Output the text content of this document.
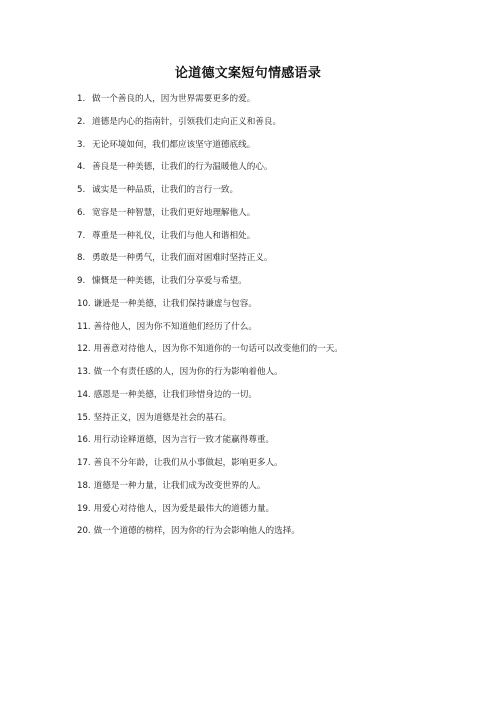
论道德文案短句情感语录
1. 做一个善良的人，因为世界需要更多的爱。
2. 道德是内心的指南针，引领我们走向正义和善良。
3. 无论环境如何，我们都应该坚守道德底线。
4. 善良是一种美德，让我们的行为温暖他人的心。
5. 诚实是一种品质，让我们的言行一致。
6. 宽容是一种智慧，让我们更好地理解他人。
7. 尊重是一种礼仪，让我们与他人和谐相处。
8. 勇敢是一种勇气，让我们面对困难时坚持正义。
9. 慷慨是一种美德，让我们分享爱与希望。
10. 谦逊是一种美德，让我们保持谦虚与包容。
11. 善待他人，因为你不知道他们经历了什么。
12. 用善意对待他人，因为你不知道你的一句话可以改变他们的一天。
13. 做一个有责任感的人，因为你的行为影响着他人。
14. 感恩是一种美德，让我们珍惜身边的一切。
15. 坚持正义，因为道德是社会的基石。
16. 用行动诠释道德，因为言行一致才能赢得尊重。
17. 善良不分年龄，让我们从小事做起，影响更多人。
18. 道德是一种力量，让我们成为改变世界的人。
19. 用爱心对待他人，因为爱是最伟大的道德力量。
20. 做一个道德的榜样，因为你的行为会影响他人的选择。
